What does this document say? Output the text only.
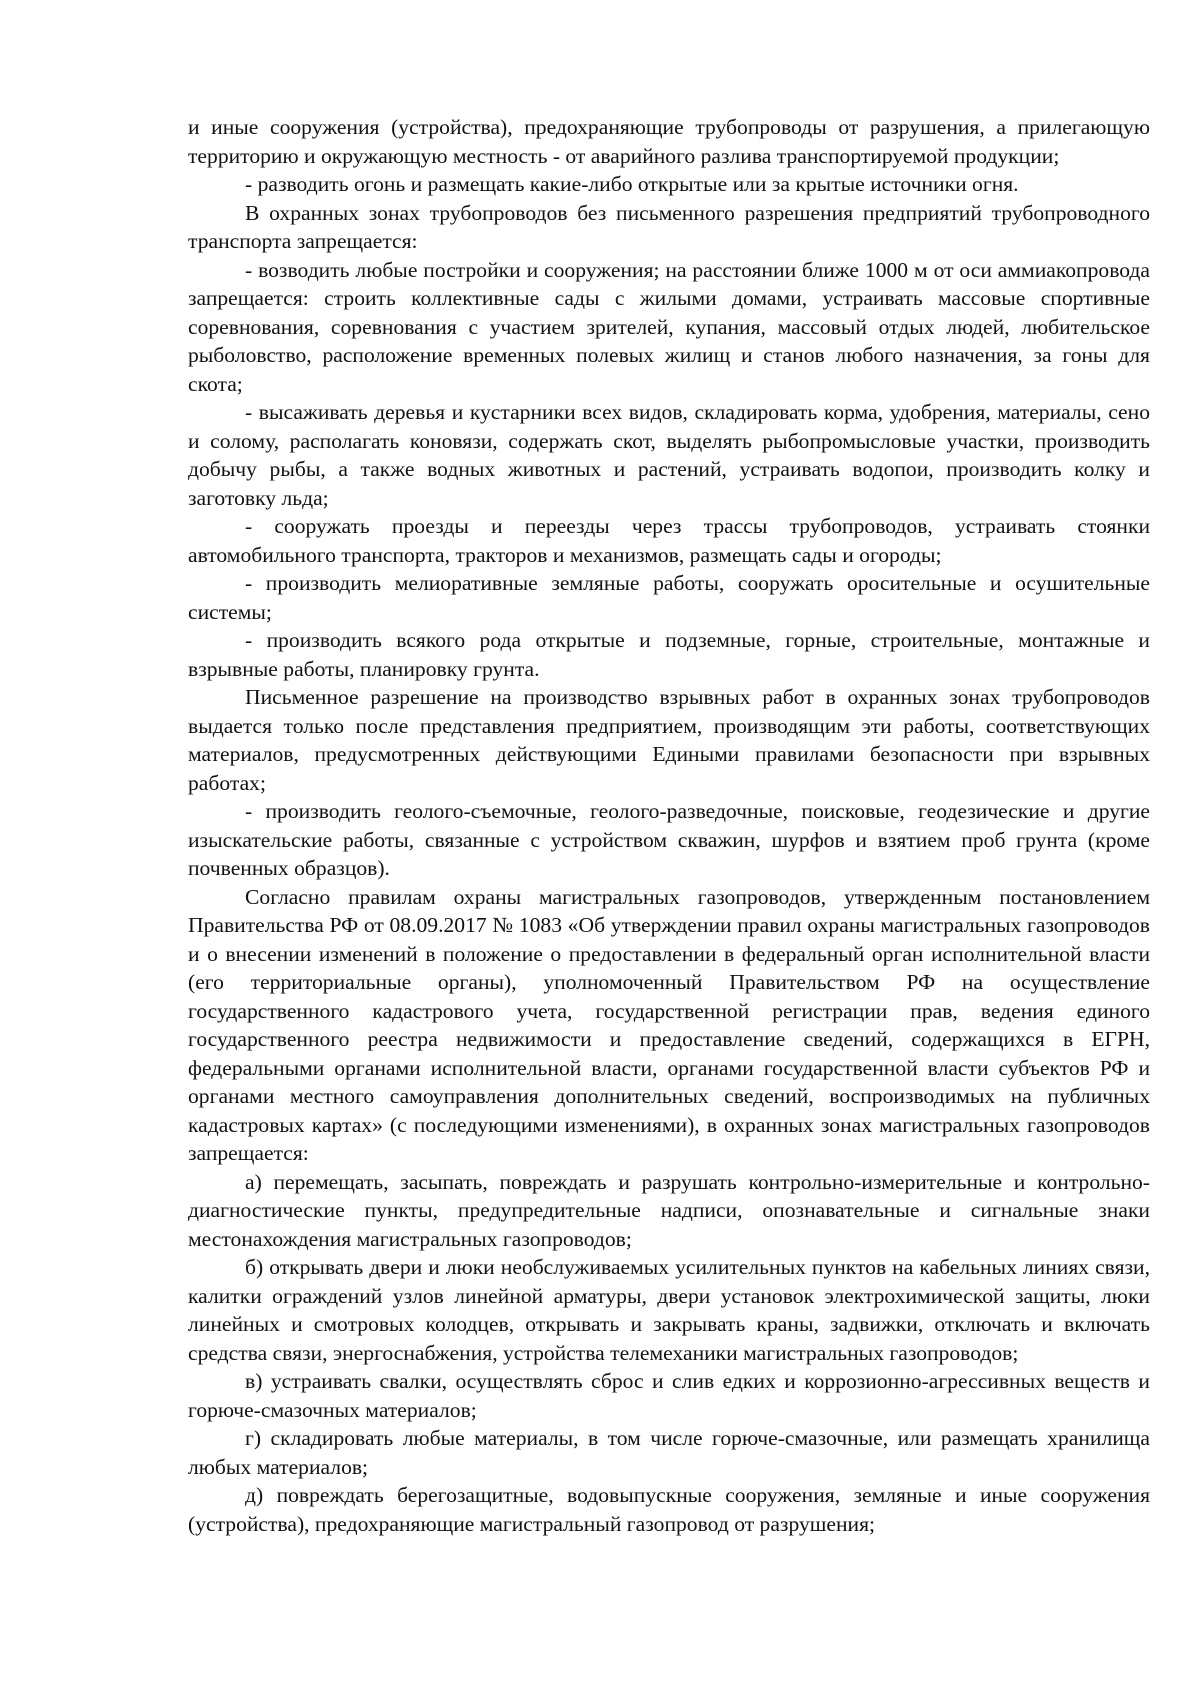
и иные сооружения (устройства), предохраняющие трубопроводы от разрушения, а прилегающую территорию и окружающую местность - от аварийного разлива транспортируемой продукции;

- разводить огонь и размещать какие-либо открытые или за крытые источники огня.

В охранных зонах трубопроводов без письменного разрешения предприятий трубопроводного транспорта запрещается:

- возводить любые постройки и сооружения; на расстоянии ближе 1000 м от оси аммиакопровода запрещается: строить коллективные сады с жилыми домами, устраивать массовые спортивные соревнования, соревнования с участием зрителей, купания, массовый отдых людей, любительское рыболовство, расположение временных полевых жилищ и станов любого назначения, за гоны для скота;

- высаживать деревья и кустарники всех видов, складировать корма, удобрения, материалы, сено и солому, располагать коновязи, содержать скот, выделять рыбопромысловые участки, производить добычу рыбы, а также водных животных и растений, устраивать водопои, производить колку и заготовку льда;

- сооружать проезды и переезды через трассы трубопроводов, устраивать стоянки автомобильного транспорта, тракторов и механизмов, размещать сады и огороды;

- производить мелиоративные земляные работы, сооружать оросительные и осушительные системы;

- производить всякого рода открытые и подземные, горные, строительные, монтажные и взрывные работы, планировку грунта.

Письменное разрешение на производство взрывных работ в охранных зонах трубопроводов выдается только после представления предприятием, производящим эти работы, соответствующих материалов, предусмотренных действующими Едиными правилами безопасности при взрывных работах;

- производить геолого-съемочные, геолого-разведочные, поисковые, геодезические и другие изыскательские работы, связанные с устройством скважин, шурфов и взятием проб грунта (кроме почвенных образцов).

Согласно правилам охраны магистральных газопроводов, утвержденным постановлением Правительства РФ от 08.09.2017 № 1083 «Об утверждении правил охраны магистральных газопроводов и о внесении изменений в положение о предоставлении в федеральный орган исполнительной власти (его территориальные органы), уполномоченный Правительством РФ на осуществление государственного кадастрового учета, государственной регистрации прав, ведения единого государственного реестра недвижимости и предоставление сведений, содержащихся в ЕГРН, федеральными органами исполнительной власти, органами государственной власти субъектов РФ и органами местного самоуправления дополнительных сведений, воспроизводимых на публичных кадастровых картах» (с последующими изменениями), в охранных зонах магистральных газопроводов запрещается:

а) перемещать, засыпать, повреждать и разрушать контрольно-измерительные и контрольно-диагностические пункты, предупредительные надписи, опознавательные и сигнальные знаки местонахождения магистральных газопроводов;

б) открывать двери и люки необслуживаемых усилительных пунктов на кабельных линиях связи, калитки ограждений узлов линейной арматуры, двери установок электрохимической защиты, люки линейных и смотровых колодцев, открывать и закрывать краны, задвижки, отключать и включать средства связи, энергоснабжения, устройства телемеханики магистральных газопроводов;

в) устраивать свалки, осуществлять сброс и слив едких и коррозионно-агрессивных веществ и горюче-смазочных материалов;

г) складировать любые материалы, в том числе горюче-смазочные, или размещать хранилища любых материалов;

д) повреждать берегозащитные, водовыпускные сооружения, земляные и иные сооружения (устройства), предохраняющие магистральный газопровод от разрушения;
